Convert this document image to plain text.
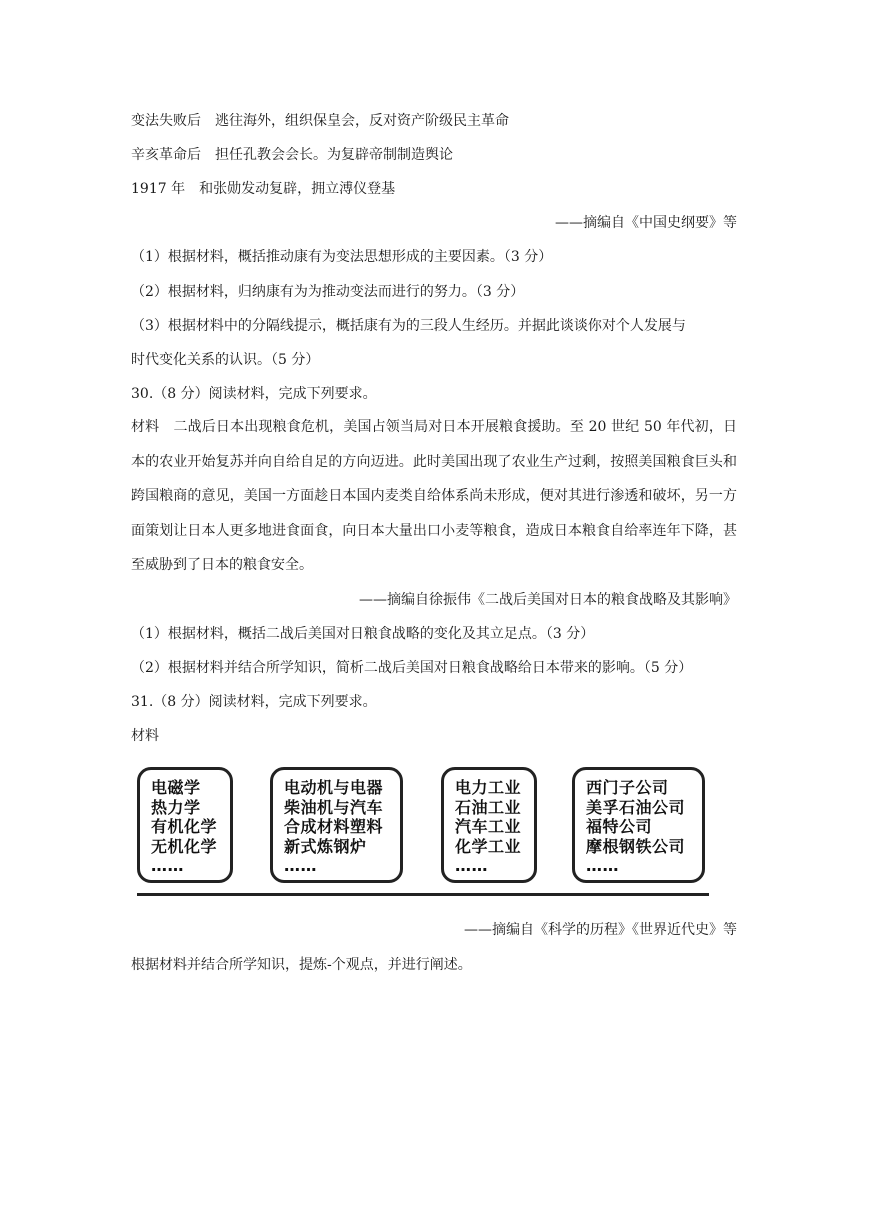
变法失败后 逃往海外，组织保皇会，反对资产阶级民主革命
辛亥革命后 担任孔教会会长。为复辟帝制制造舆论
1917 年 和张勋发动复辟，拥立溥仪登基
——摘编自《中国史纲要》等
（1）根据材料，概括推动康有为变法思想形成的主要因素。（3 分）
（2）根据材料，归纳康有为为推动变法而进行的努力。（3 分）
（3）根据材料中的分隔线提示，概括康有为的三段人生经历。并据此谈谈你对个人发展与
时代变化关系的认识。（5 分）
30.（8 分）阅读材料，完成下列要求。
材料　二战后日本出现粮食危机，美国占领当局对日本开展粮食援助。至 20 世纪 50 年代初，日本的农业开始复苏并向自给自足的方向迈进。此时美国出现了农业生产过剩，按照美国粮食巨头和跨国粮商的意见，美国一方面趁日本国内麦类自给体系尚未形成，便对其进行渗透和破坏，另一方面策划让日本人更多地进食面食，向日本大量出口小麦等粮食，造成日本粮食自给率连年下降，甚至威胁到了日本的粮食安全。
——摘编自徐振伟《二战后美国对日本的粮食战略及其影响》
（1）根据材料，概括二战后美国对日粮食战略的变化及其立足点。（3 分）
（2）根据材料并结合所学知识，简析二战后美国对日粮食战略给日本带来的影响。（5 分）
31.（8 分）阅读材料，完成下列要求。
材料
电磁学
热力学
有机化学
无机化学
……
电动机与电器
柴油机与汽车
合成材料塑料
新式炼钢炉
……
电力工业
石油工业
汽车工业
化学工业
……
西门子公司
美孚石油公司
福特公司
摩根钢铁公司
……
——摘编自《科学的历程》《世界近代史》等
根据材料并结合所学知识，提炼-个观点，并进行阐述。
